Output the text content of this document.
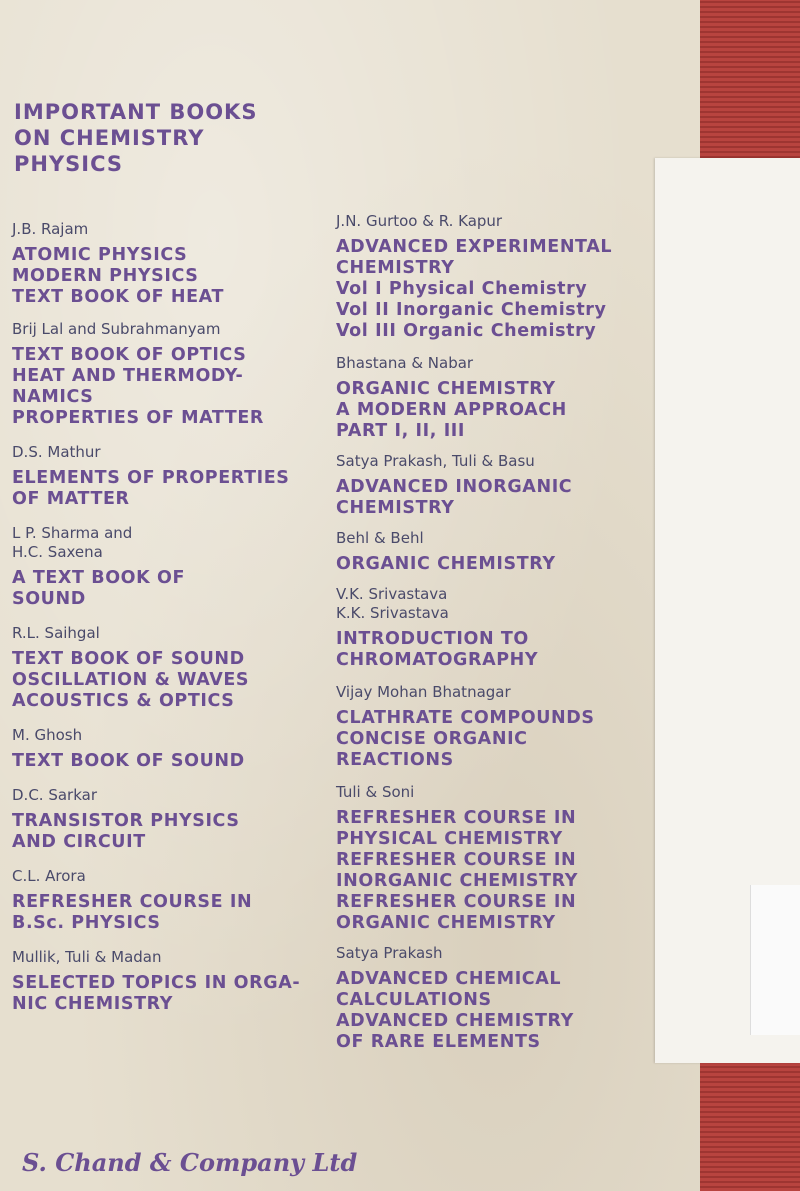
IMPORTANT BOOKS
ON CHEMISTRY
PHYSICS
J.B. Rajam
ATOMIC PHYSICS
MODERN PHYSICS
TEXT BOOK OF HEAT
Brij Lal and Subrahmanyam
TEXT BOOK OF OPTICS
HEAT AND THERMODY-
NAMICS
PROPERTIES OF MATTER
D.S. Mathur
ELEMENTS OF PROPERTIES
OF MATTER
L P. Sharma and
H.C. Saxena
A TEXT BOOK OF
SOUND
R.L. Saihgal
TEXT BOOK OF SOUND
OSCILLATION & WAVES
ACOUSTICS & OPTICS
M. Ghosh
TEXT BOOK OF SOUND
D.C. Sarkar
TRANSISTOR PHYSICS
AND CIRCUIT
C.L. Arora
REFRESHER COURSE IN
B.Sc. PHYSICS
Mullik, Tuli & Madan
SELECTED TOPICS IN ORGA-
NIC CHEMISTRY
J.N. Gurtoo & R. Kapur
ADVANCED EXPERIMENTAL
CHEMISTRY
Vol I Physical Chemistry
Vol II Inorganic Chemistry
Vol III Organic Chemistry
Bhastana & Nabar
ORGANIC CHEMISTRY
A MODERN APPROACH
PART I, II, III
Satya Prakash, Tuli & Basu
ADVANCED INORGANIC
CHEMISTRY
Behl & Behl
ORGANIC CHEMISTRY
V.K. Srivastava
K.K. Srivastava
INTRODUCTION TO
CHROMATOGRAPHY
Vijay Mohan Bhatnagar
CLATHRATE COMPOUNDS
CONCISE ORGANIC
REACTIONS
Tuli & Soni
REFRESHER COURSE IN
PHYSICAL CHEMISTRY
REFRESHER COURSE IN
INORGANIC CHEMISTRY
REFRESHER COURSE IN
ORGANIC CHEMISTRY
Satya Prakash
ADVANCED CHEMICAL
CALCULATIONS
ADVANCED CHEMISTRY
OF RARE ELEMENTS

S. Chand & Company Ltd
